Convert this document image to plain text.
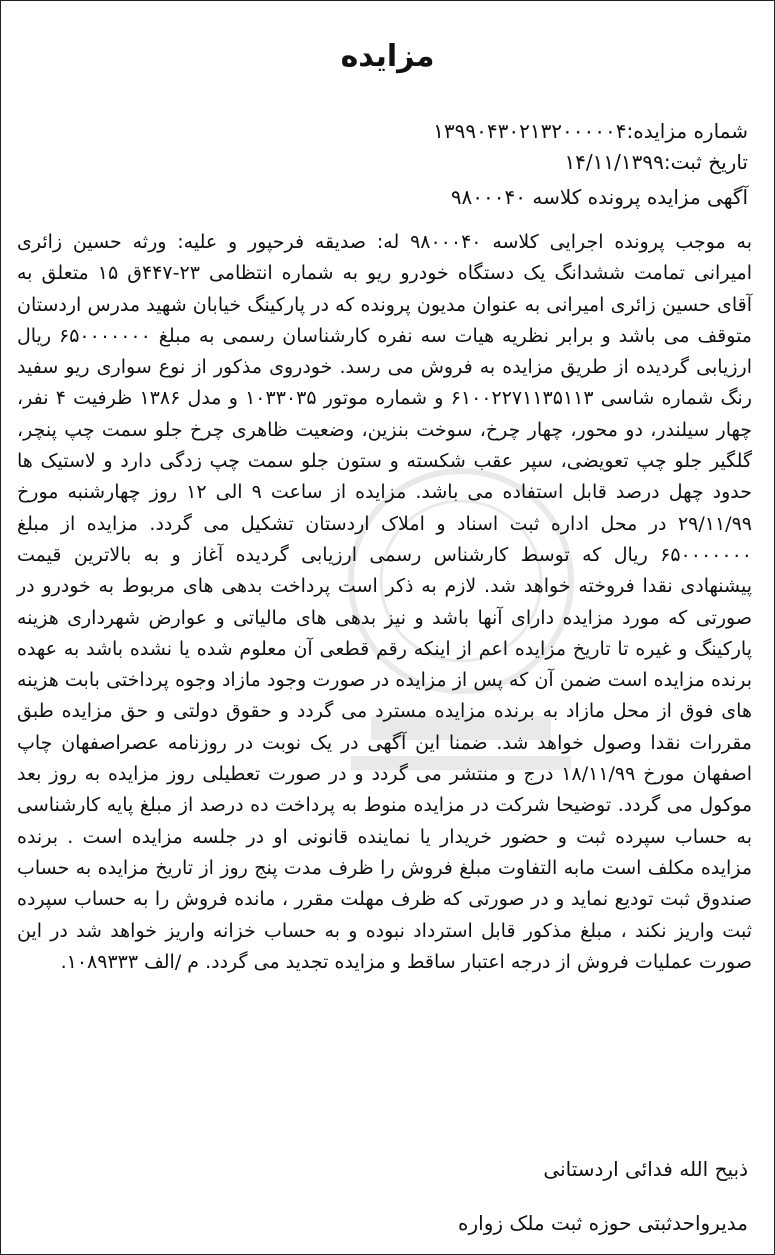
مزایده
شماره مزایده:۱۳۹۹۰۴۳۰۲۱۳۲۰۰۰۰۰۴
تاریخ ثبت:۱۴/۱۱/۱۳۹۹
آگهی مزایده پرونده کلاسه ۹۸۰۰۰۴۰

به موجب پرونده اجرایی کلاسه ۹۸۰۰۰۴۰ له: صدیقه فرحپور و علیه: ورثه حسین زائری امیرانی تمامت ششدانگ یک دستگاه خودرو ریو به شماره انتظامی ۲۳-۴۴۷ق ۱۵ متعلق به آقای حسین زائری امیرانی به عنوان مدیون پرونده که در پارکینگ خیابان شهید مدرس اردستان متوقف می باشد و برابر نظریه هیات سه نفره کارشناسان رسمی به مبلغ ۶۵۰۰۰۰۰۰۰ ریال ارزیابی گردیده از طریق مزایده به فروش می رسد. خودروی مذکور از نوع سواری ریو سفید رنگ شماره شاسی ۶۱۰۰۲۲۷۱۱۳۵۱۱۳ و شماره موتور ۱۰۳۳۰۳۵ و مدل ۱۳۸۶ ظرفیت ۴ نفر، چهار سیلندر، دو محور، چهار چرخ، سوخت بنزین، وضعیت ظاهری چرخ جلو سمت چپ پنچر، گلگیر جلو چپ تعویضی، سپر عقب شکسته و ستون جلو سمت چپ زدگی دارد و لاستیک ها حدود چهل درصد قابل استفاده می باشد. مزایده از ساعت ۹ الی ۱۲ روز چهارشنبه مورخ ۲۹/۱۱/۹۹ در محل اداره ثبت اسناد و املاک اردستان تشکیل می گردد. مزایده از مبلغ ۶۵۰۰۰۰۰۰۰ ریال که توسط کارشناس رسمی ارزیابی گردیده آغاز و به بالاترین قیمت پیشنهادی نقدا فروخته خواهد شد. لازم به ذکر است پرداخت بدهی های مربوط به خودرو در صورتی که مورد مزایده دارای آنها باشد و نیز بدهی های مالیاتی و عوارض شهرداری هزینه پارکینگ و غیره تا تاریخ مزایده اعم از اینکه رقم قطعی آن معلوم شده یا نشده باشد به عهده برنده مزایده است ضمن آن که پس از مزایده در صورت وجود مازاد وجوه پرداختی بابت هزینه های فوق از محل مازاد به برنده مزایده مسترد می گردد و حقوق دولتی و حق مزایده طبق مقررات نقدا وصول خواهد شد. ضمنا این آگهی در یک نوبت در روزنامه عصراصفهان چاپ اصفهان مورخ ۱۸/۱۱/۹۹ درج و منتشر می گردد و در صورت تعطیلی روز مزایده به روز بعد موکول می گردد. توضیحا شرکت در مزایده منوط به پرداخت ده درصد از مبلغ پایه کارشناسی به حساب سپرده ثبت و حضور خریدار یا نماینده قانونی او در جلسه مزایده است . برنده مزایده مکلف است مابه التفاوت مبلغ فروش را ظرف مدت پنج روز از تاریخ مزایده به حساب صندوق ثبت تودیع نماید و در صورتی که ظرف مهلت مقرر ، مانده فروش را به حساب سپرده ثبت واریز نکند ، مبلغ مذکور قابل استرداد نبوده و به حساب خزانه واریز خواهد شد در این صورت عملیات فروش از درجه اعتبار ساقط و مزایده تجدید می گردد. م /الف ۱۰۸۹۳۳۳.

ذبیح الله فدائی اردستانی
مدیرواحدثبتی حوزه ثبت ملک زواره
